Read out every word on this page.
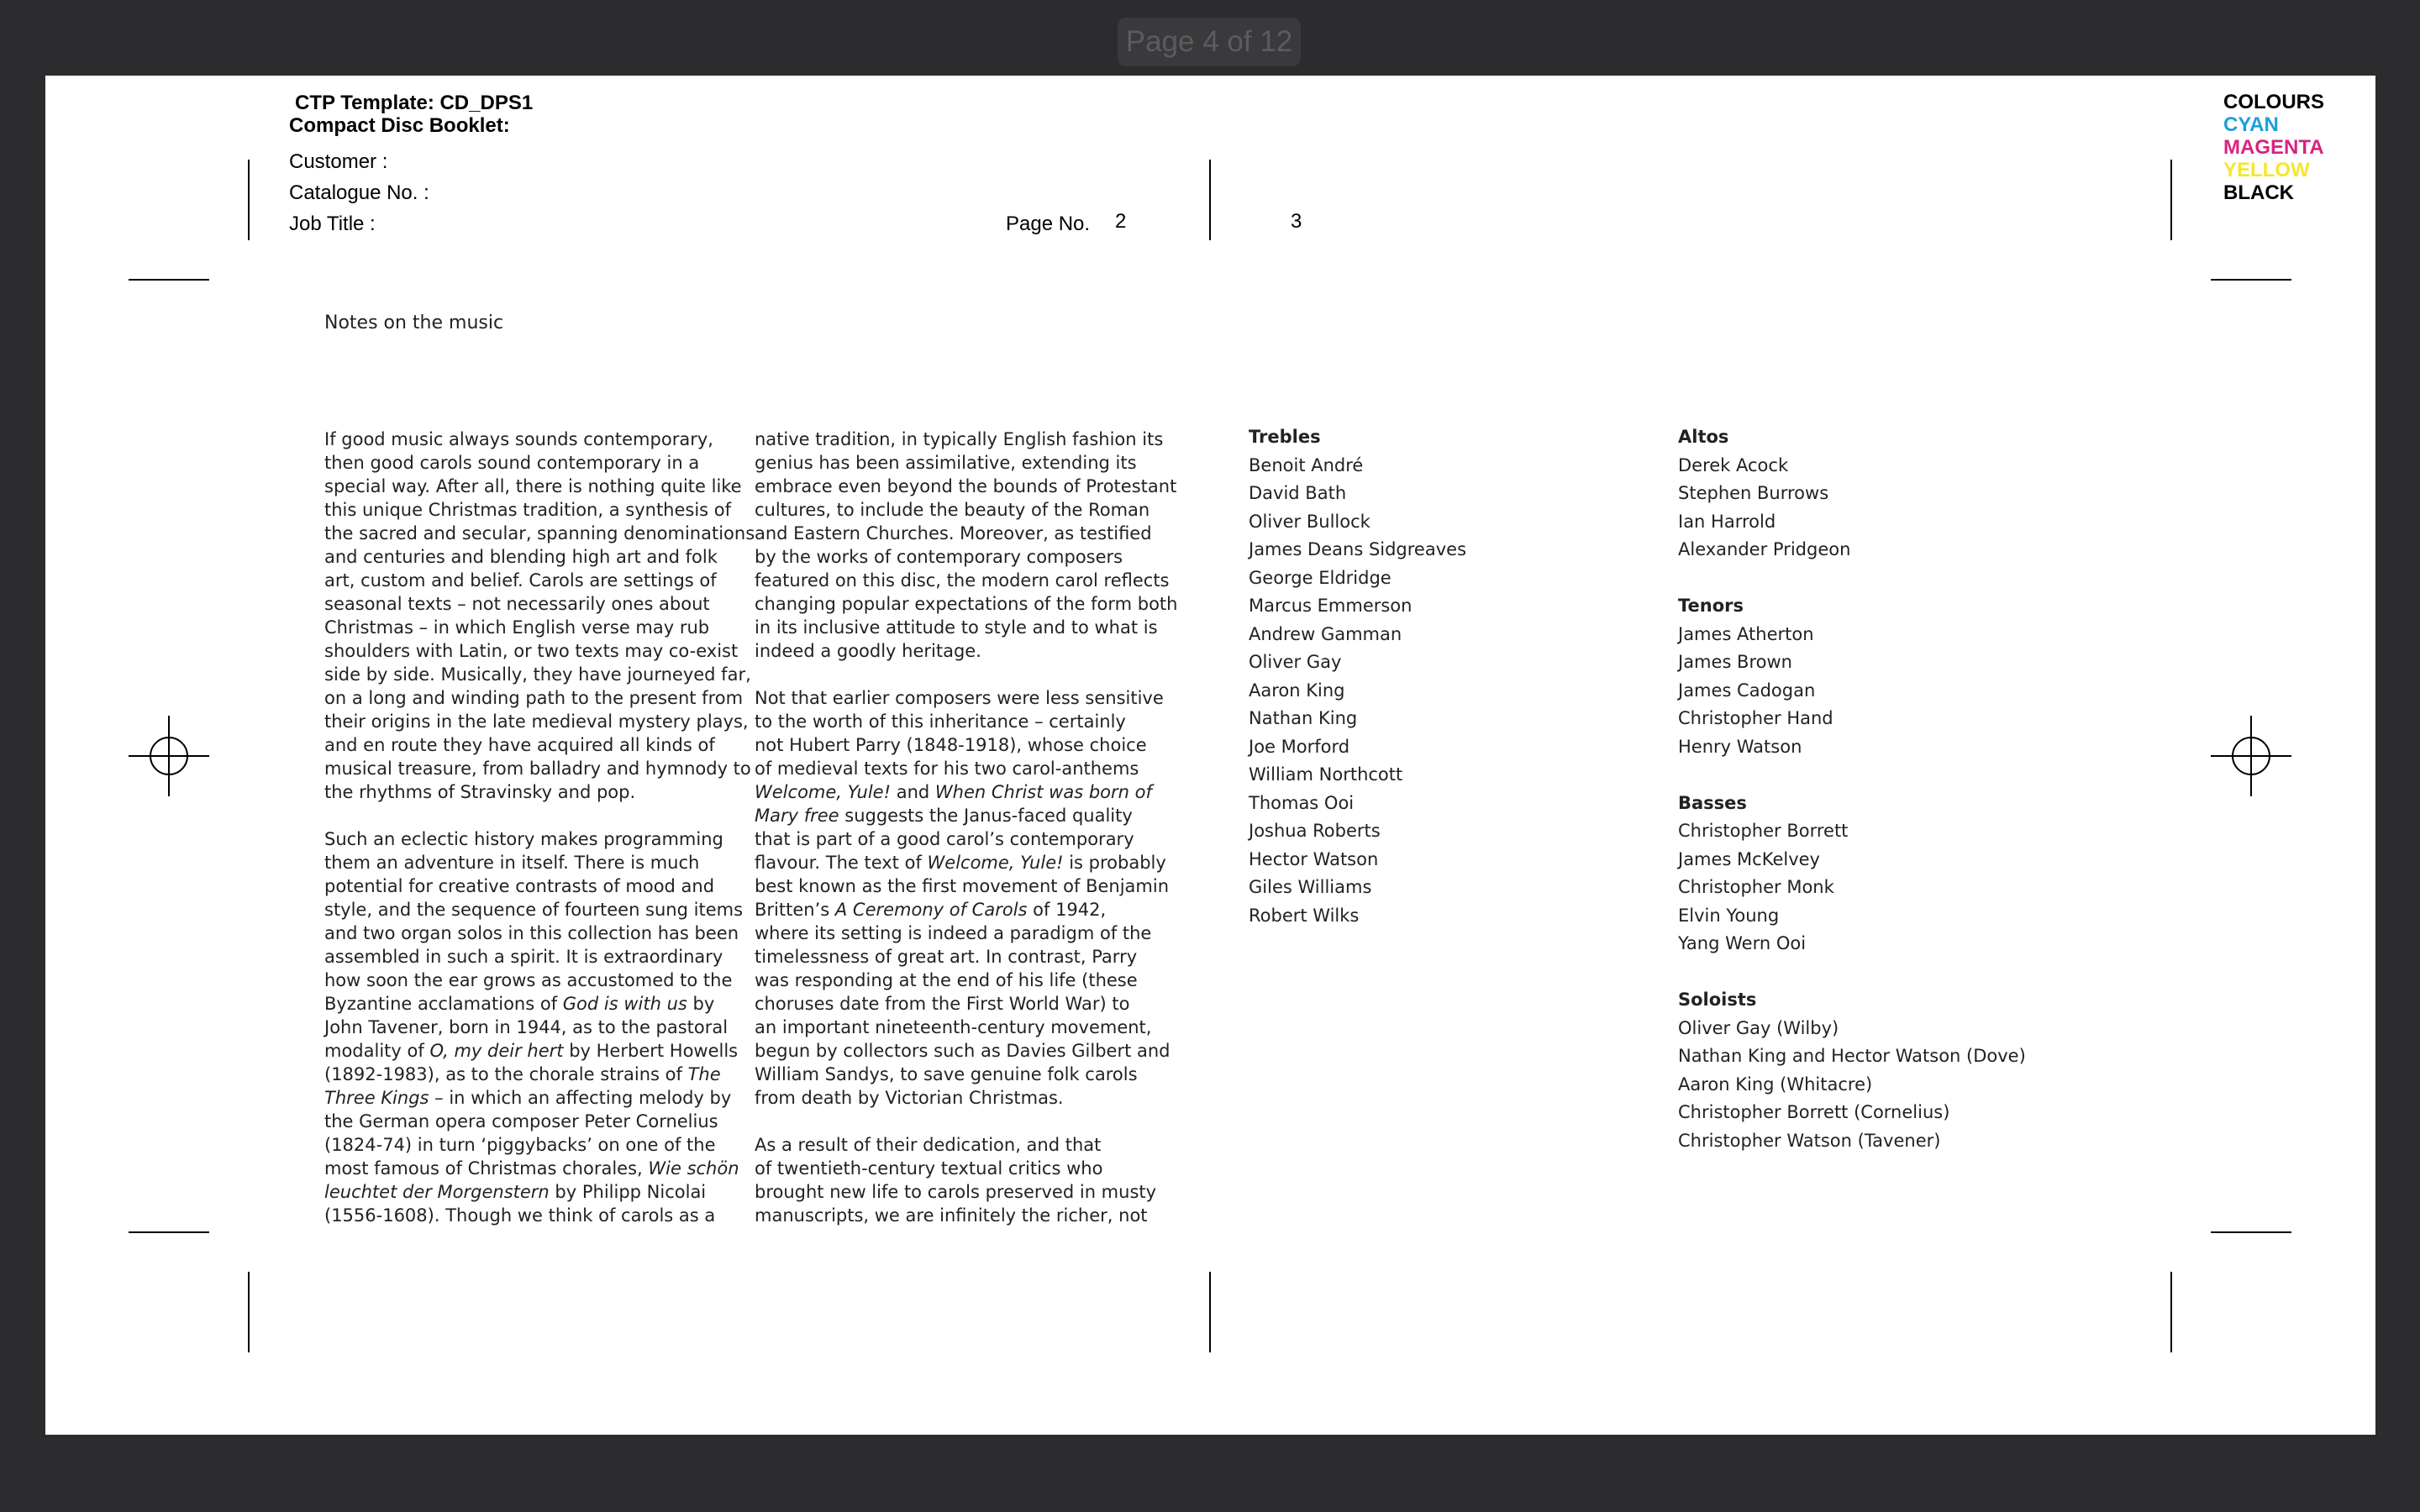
Page 4 of 12
CTP Template: CD_DPS1
Compact Disc Booklet:
Customer :
Catalogue No. :
Job Title :	Page No. 2	3
COLOURS
CYAN
MAGENTA
YELLOW
BLACK
Notes on the music
If good music always sounds contemporary,
then good carols sound contemporary in a
special way. After all, there is nothing quite like
this unique Christmas tradition, a synthesis of
the sacred and secular, spanning denominations
and centuries and blending high art and folk
art, custom and belief. Carols are settings of
seasonal texts – not necessarily ones about
Christmas – in which English verse may rub
shoulders with Latin, or two texts may co-exist
side by side. Musically, they have journeyed far,
on a long and winding path to the present from
their origins in the late medieval mystery plays,
and en route they have acquired all kinds of
musical treasure, from balladry and hymnody to
the rhythms of Stravinsky and pop.
Such an eclectic history makes programming
them an adventure in itself. There is much
potential for creative contrasts of mood and
style, and the sequence of fourteen sung items
and two organ solos in this collection has been
assembled in such a spirit. It is extraordinary
how soon the ear grows as accustomed to the
Byzantine acclamations of God is with us by
John Tavener, born in 1944, as to the pastoral
modality of O, my deir hert by Herbert Howells
(1892-1983), as to the chorale strains of The
Three Kings – in which an affecting melody by
the German opera composer Peter Cornelius
(1824-74) in turn ‘piggybacks’ on one of the
most famous of Christmas chorales, Wie schön
leuchtet der Morgenstern by Philipp Nicolai
(1556-1608). Though we think of carols as a
native tradition, in typically English fashion its
genius has been assimilative, extending its
embrace even beyond the bounds of Protestant
cultures, to include the beauty of the Roman
and Eastern Churches. Moreover, as testified
by the works of contemporary composers
featured on this disc, the modern carol reflects
changing popular expectations of the form both
in its inclusive attitude to style and to what is
indeed a goodly heritage.
Not that earlier composers were less sensitive
to the worth of this inheritance – certainly
not Hubert Parry (1848-1918), whose choice
of medieval texts for his two carol-anthems
Welcome, Yule! and When Christ was born of
Mary free suggests the Janus-faced quality
that is part of a good carol’s contemporary
flavour. The text of Welcome, Yule! is probably
best known as the first movement of Benjamin
Britten’s A Ceremony of Carols of 1942,
where its setting is indeed a paradigm of the
timelessness of great art. In contrast, Parry
was responding at the end of his life (these
choruses date from the First World War) to
an important nineteenth-century movement,
begun by collectors such as Davies Gilbert and
William Sandys, to save genuine folk carols
from death by Victorian Christmas.
As a result of their dedication, and that
of twentieth-century textual critics who
brought new life to carols preserved in musty
manuscripts, we are infinitely the richer, not
Trebles
Benoit André
David Bath
Oliver Bullock
James Deans Sidgreaves
George Eldridge
Marcus Emmerson
Andrew Gamman
Oliver Gay
Aaron King
Nathan King
Joe Morford
William Northcott
Thomas Ooi
Joshua Roberts
Hector Watson
Giles Williams
Robert Wilks
Altos
Derek Acock
Stephen Burrows
Ian Harrold
Alexander Pridgeon
Tenors
James Atherton
James Brown
James Cadogan
Christopher Hand
Henry Watson
Basses
Christopher Borrett
James McKelvey
Christopher Monk
Elvin Young
Yang Wern Ooi
Soloists
Oliver Gay (Wilby)
Nathan King and Hector Watson (Dove)
Aaron King (Whitacre)
Christopher Borrett (Cornelius)
Christopher Watson (Tavener)
